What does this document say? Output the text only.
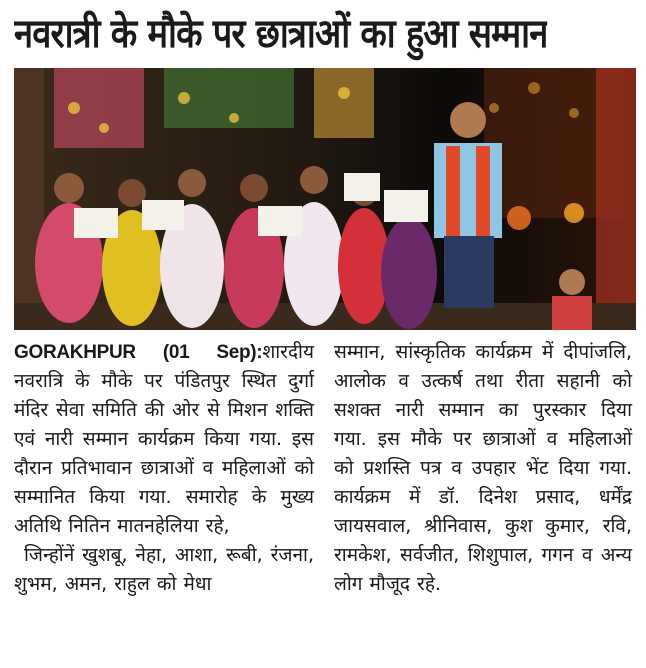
नवरात्री के मौके पर छात्राओं का हुआ सम्मान
GORAKHPUR (01 Sep):शारदीय नवरात्रि के मौके पर पंडितपुर स्थित दुर्गा मंदिर सेवा समिति की ओर से मिशन शक्ति एवं नारी सम्मान कार्यक्रम किया गया. इस दौरान प्रतिभावान छात्राओं व महिलाओं को सम्मानित किया गया. समारोह के मुख्य अतिथि नितिन मातनहेलिया रहे,
जिन्होंनें खुशबू, नेहा, आशा, रूबी, रंजना, शुभम, अमन, राहुल को मेधा
सम्मान, सांस्कृतिक कार्यक्रम में दीपांजलि, आलोक व उत्कर्ष तथा रीता सहानी को सशक्त नारी सम्मान का पुरस्कार दिया गया. इस मौके पर छात्राओं व महिलाओं को प्रशस्ति पत्र व उपहार भेंट दिया गया. कार्यक्रम में डॉ. दिनेश प्रसाद, धर्मेंद्र जायसवाल, श्रीनिवास, कुश कुमार, रवि, रामकेश, सर्वजीत, शिशुपाल, गगन व अन्य लोग मौजूद रहे.
